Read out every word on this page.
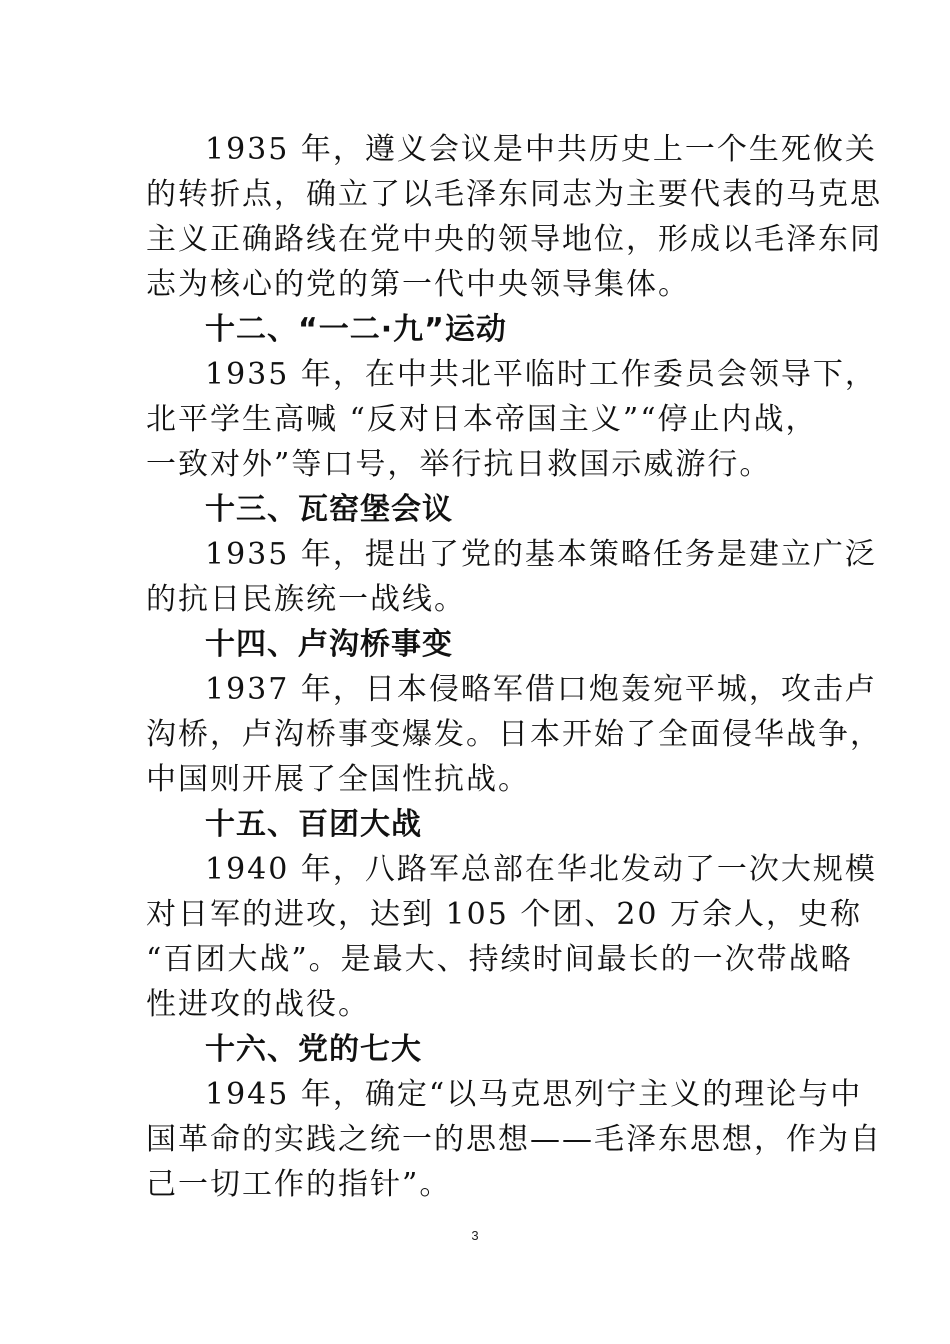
1935 年，遵义会议是中共历史上一个生死攸关
的转折点，确立了以毛泽东同志为主要代表的马克思
主义正确路线在党中央的领导地位，形成以毛泽东同
志为核心的党的第一代中央领导集体。
十二、“一二·九”运动
1935 年，在中共北平临时工作委员会领导下，
北平学生高喊 “反对日本帝国主义”“停止内战，
一致对外”等口号，举行抗日救国示威游行。
十三、瓦窑堡会议
1935 年，提出了党的基本策略任务是建立广泛
的抗日民族统一战线。
十四、卢沟桥事变
1937 年，日本侵略军借口炮轰宛平城，攻击卢
沟桥，卢沟桥事变爆发。日本开始了全面侵华战争，
中国则开展了全国性抗战。
十五、百团大战
1940 年，八路军总部在华北发动了一次大规模
对日军的进攻，达到 105 个团、20 万余人，史称
“百团大战”。是最大、持续时间最长的一次带战略
性进攻的战役。
十六、党的七大
1945 年，确定“以马克思列宁主义的理论与中
国革命的实践之统一的思想——毛泽东思想，作为自
己一切工作的指针”。
3
